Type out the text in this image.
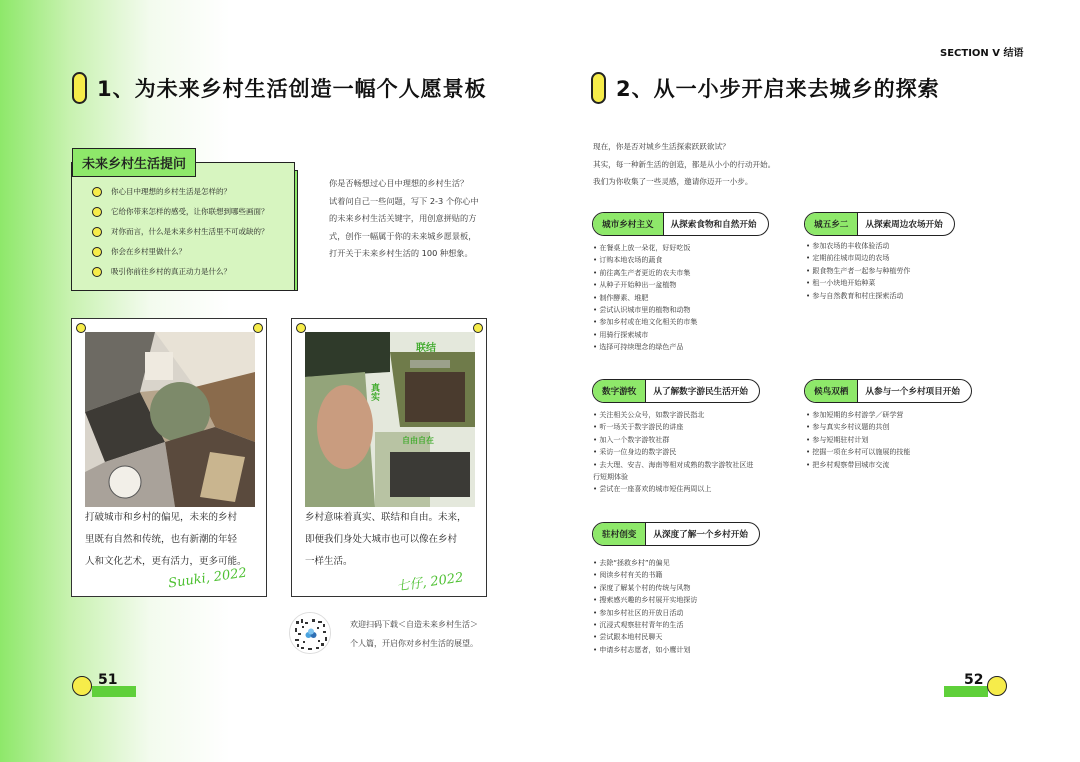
SECTION Ⅴ 结语
1、为未来乡村生活创造一幅个人愿景板
未来乡村生活提问
你心目中理想的乡村生活是怎样的？
它给你带来怎样的感受，让你联想到哪些画面？
对你而言，什么是未来乡村生活里不可或缺的？
你会在乡村里做什么？
吸引你前往乡村的真正动力是什么？
你是否畅想过心目中理想的乡村生活？
试着问自己一些问题，写下 2-3 个你心中
的未来乡村生活关键字，用创意拼贴的方
式，创作一幅属于你的未来城乡愿景板，
打开关于未来乡村生活的 100 种想象。
打破城市和乡村的偏见，未来的乡村
里既有自然和传统，也有新潮的年轻
人和文化艺术，更有活力，更多可能。
Suuki, 2022
联结
真实
自由自在
乡村意味着真实、联结和自由。未来，
即便我们身处大城市也可以像在乡村
一样生活。
七仔, 2022
欢迎扫码下载＜自造未来乡村生活＞
个人篇，开启你对乡村生活的展望。
51
2、从一小步开启来去城乡的探索
现在，你是否对城乡生活探索跃跃欲试？
其实，每一种新生活的创造，都是从小小的行动开始。
我们为你收集了一些灵感，邀请你迈开一小步。
城市乡村主义	从探索食物和自然开始
• 在餐桌上放一朵花，好好吃饭
• 订购本地农场的蔬食
• 前往离生产者更近的农夫市集
• 从种子开始种出一盆植物
• 制作酵素、堆肥
• 尝试认识城市里的植物和动物
• 参加乡村或在地文化相关的市集
• 用骑行探索城市
• 选择可持续理念的绿色产品
城五乡二	从探索周边农场开始
• 参加农场的丰收体验活动
• 定期前往城市周边的农场
• 跟食物生产者一起参与种植劳作
• 租一小块地开始种菜
• 参与自然教育和村庄探索活动
数字游牧	从了解数字游民生活开始
• 关注相关公众号，如数字游民指北
• 听一场关于数字游民的讲座
• 加入一个数字游牧社群
• 采访一位身边的数字游民
• 去大理、安吉、海南等相对成熟的数字游牧社区进
行短期体验
• 尝试在一座喜欢的城市短住两周以上
候鸟双栖	从参与一个乡村项目开始
• 参加短期的乡村游学／研学营
• 参与真实乡村议题的共创
• 参与短期驻村计划
• 挖掘一项在乡村可以施展的技能
• 把乡村观察带回城市交流
驻村创变	从深度了解一个乡村开始
• 去除“拯救乡村”的偏见
• 阅读乡村有关的书籍
• 深度了解某个村的传统与风物
• 搜索感兴趣的乡村展开实地探访
• 参加乡村社区的开放日活动
• 沉浸式观察驻村青年的生活
• 尝试跟本地村民聊天
• 申请乡村志愿者，如小鹰计划
52
